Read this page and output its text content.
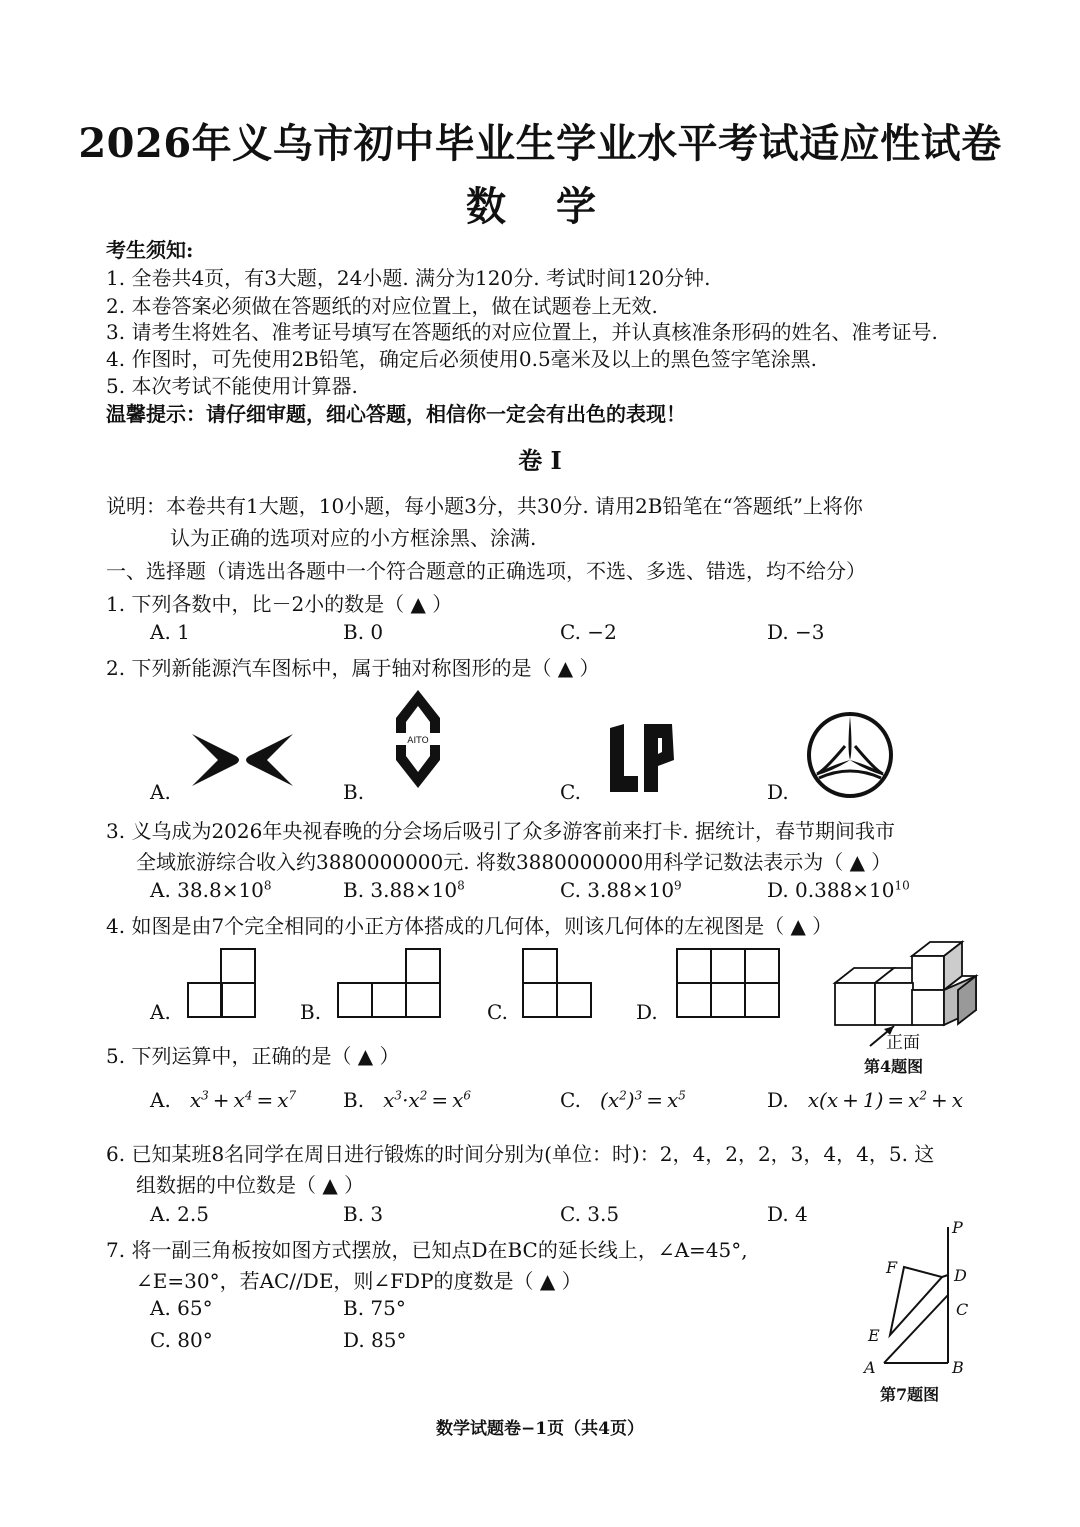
2026年义乌市初中毕业生学业水平考试适应性试卷
数 学
考生须知:
1. 全卷共4页，有3大题，24小题. 满分为120分. 考试时间120分钟.
2. 本卷答案必须做在答题纸的对应位置上，做在试题卷上无效.
3. 请考生将姓名、准考证号填写在答题纸的对应位置上，并认真核准条形码的姓名、准考证号.
4. 作图时，可先使用2B铅笔，确定后必须使用0.5毫米及以上的黑色签字笔涂黑.
5. 本次考试不能使用计算器.
温馨提示：请仔细审题，细心答题，相信你一定会有出色的表现！
卷 I
说明：本卷共有1大题，10小题，每小题3分，共30分. 请用2B铅笔在“答题纸”上将你
认为正确的选项对应的小方框涂黑、涂满.
一、选择题（请选出各题中一个符合题意的正确选项，不选、多选、错选，均不给分）
1. 下列各数中，比－2小的数是（ ▲ ）
A. 1	B. 0	C. −2	D. −3
2. 下列新能源汽车图标中，属于轴对称图形的是（ ▲ ）
A.	B.	C.	D.
AITO
3. 义乌成为2026年央视春晚的分会场后吸引了众多游客前来打卡. 据统计，春节期间我市
全域旅游综合收入约3880000000元. 将数3880000000用科学记数法表示为（ ▲ ）
A. $38.8\times 10^8$	B. $3.88\times 10^8$	C. $3.88\times 10^9$	D. $0.388\times 10^{10}$
4. 如图是由7个完全相同的小正方体搭成的几何体，则该几何体的左视图是（ ▲ ）
A.	B.	C.	D.
正面
第4题图
5. 下列运算中，正确的是（ ▲ ）
A.   $x^3 + x^4 = x^7$ B.   $x^3\cdot x^2 = x^6$	C.   $(x^2)^3 = x^5$	D.   $x(x + 1) = x^2 + x$
6. 已知某班8名同学在周日进行锻炼的时间分别为(单位：时)：2，4，2，2，3，4，4，5. 这
组数据的中位数是（ ▲ ）
A. 2.5	B. 3	C. 3.5	D. 4
7. 将一副三角板按如图方式摆放，已知点D在BC的延长线上，∠A=45°,
∠E=30°，若AC//DE，则∠FDP的度数是（ ▲ ）
A. 65°	B. 75°
C. 80°	D. 85°
P
F	D
C
E
A	B
第7题图
数学试题卷−1页（共4页）
